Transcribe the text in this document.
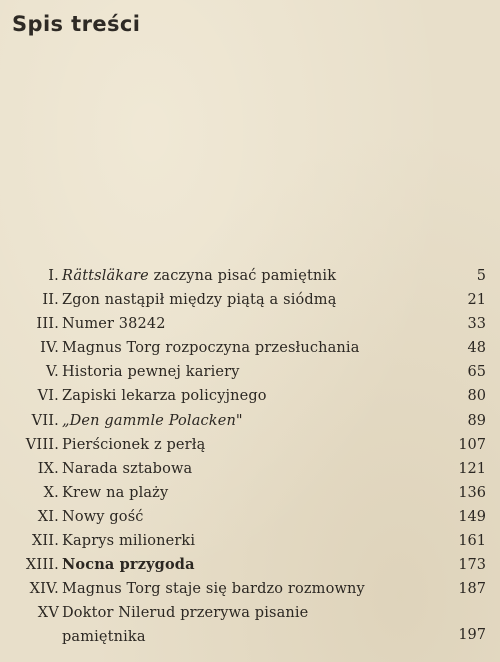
Spis treści
I. Rättsläkare zaczyna pisać pamiętnik	5
II. Zgon nastąpił między piątą a siódmą	21
III. Numer 38242	33
IV. Magnus Torg rozpoczyna przesłuchania	48
V. Historia pewnej kariery	65
VI. Zapiski lekarza policyjnego	80
VII. „Den gammle Polacken"	89
VIII. Pierścionek z perłą	107
IX. Narada sztabowa	121
X. Krew na plaży	136
XI. Nowy gość	149
XII. Kaprys milionerki	161
XIII. Nocna przygoda	173
XIV. Magnus Torg staje się bardzo rozmowny	187
XV Doktor Nilerud przerywa pisanie
pamiętnika	197
